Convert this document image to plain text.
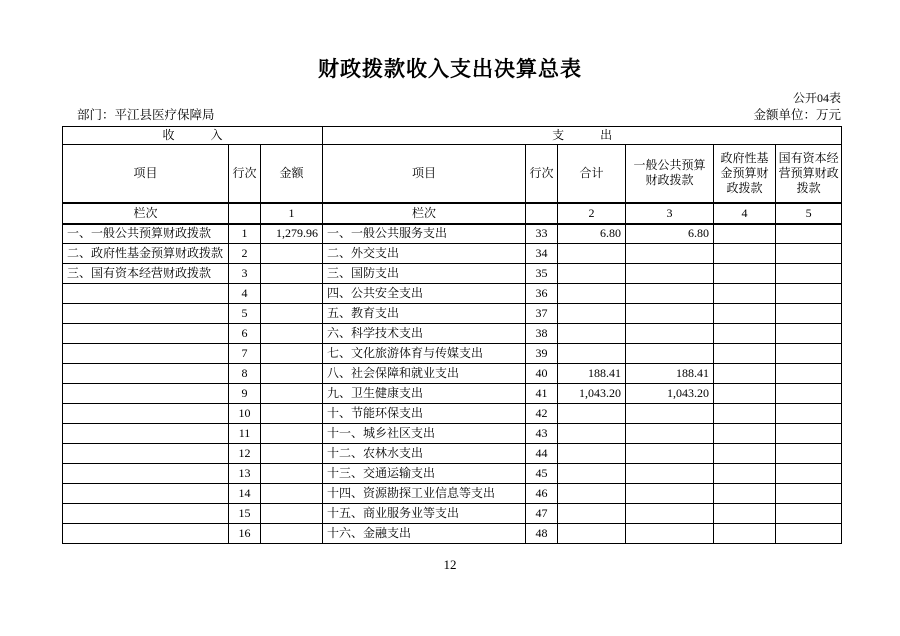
财政拨款收入支出决算总表
公开04表
部门：平江县医疗保障局	金额单位：万元
收　　　入			支　　　出					
项目	行次	金额	项目	行次	合计	一般公共预算财政拨款	政府性基金预算财政拨款	国有资本经营预算财政拨款
栏次		1	栏次		2	3	4	5
一、一般公共预算财政拨款	1	1,279.96	一、一般公共服务支出	33	6.80	6.80		
二、政府性基金预算财政拨款	2		二、外交支出	34				
三、国有资本经营财政拨款	3		三、国防支出	35				
	4		四、公共安全支出	36				
	5		五、教育支出	37				
	6		六、科学技术支出	38				
	7		七、文化旅游体育与传媒支出	39				
	8		八、社会保障和就业支出	40	188.41	188.41		
	9		九、卫生健康支出	41	1,043.20	1,043.20		
	10		十、节能环保支出	42				
	11		十一、城乡社区支出	43				
	12		十二、农林水支出	44				
	13		十三、交通运输支出	45				
	14		十四、资源勘探工业信息等支出	46				
	15		十五、商业服务业等支出	47				
	16		十六、金融支出	48				
12
